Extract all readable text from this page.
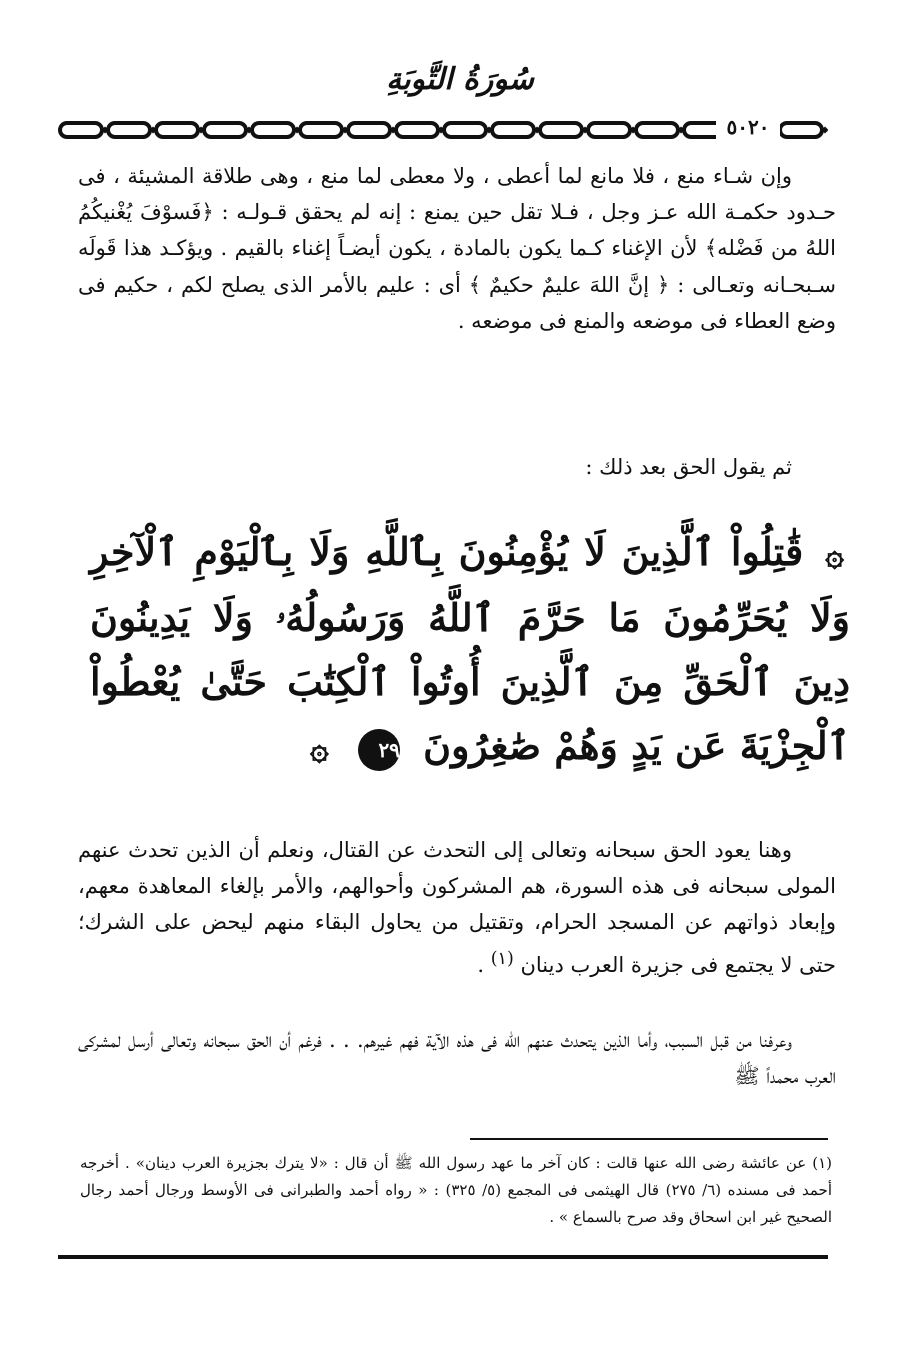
سُورَةُ التَّوبَةِ
٥٠٢٠

وإن شـاء منع ، فلا مانع لما أعطى ، ولا معطى لما منع ، وهى طلاقة المشيئة ، فى حـدود حكمـة الله عـز وجل ، فـلا تقل حين يمنع : إنه لم يحقق قـولـه : ﴿فَسوْفَ يُغْنيكُمُ اللهُ من فَضْله﴾ لأن الإغناء كـما يكون بالمادة ، يكون أيضـاً إغناء بالقيم . ويؤكـد هذا قَولَه سـبحـانه وتعـالى : ﴿ إنَّ اللهَ عليمٌ حكيمٌ ﴾ أى : عليم بالأمر الذى يصلح لكم ، حكيم فى وضع العطاء فى موضعه والمنع فى موضعه .

ثم يقول الحق بعد ذلك :

۞ قَٰتِلُواْ ٱلَّذِينَ لَا يُؤْمِنُونَ بِٱللَّهِ وَلَا بِٱلْيَوْمِ ٱلْآخِرِ وَلَا يُحَرِّمُونَ مَا حَرَّمَ ٱللَّهُ وَرَسُولُهُۥ وَلَا يَدِينُونَ دِينَ ٱلْحَقِّ مِنَ ٱلَّذِينَ أُوتُواْ ٱلْكِتَٰبَ حَتَّىٰ يُعْطُواْ ٱلْجِزْيَةَ عَن يَدٍ وَهُمْ صَٰغِرُونَ ٢٩ ۞

وهنا يعود الحق سبحانه وتعالى إلى التحدث عن القتال، ونعلم أن الذين تحدث عنهم المولى سبحانه فى هذه السورة، هم المشركون وأحوالهم، والأمر بإلغاء المعاهدة معهم، وإبعاد ذواتهم عن المسجد الحرام، وتقتيل من يحاول البقاء منهم ليحض على الشرك؛ حتى لا يجتمع فى جزيرة العرب دينان $^{(١)}$ .

وعرفنا من قبل السبب، وأما الذين يتحدث عنهم الله فى هذه الآية فهم غيرهم. . . فرغم أن الحق سبحانه وتعالى أرسل لمشركى العرب محمداً ﷺ

(١) عن عائشة رضى الله عنها قالت : كان آخر ما عهد رسول الله ﷺ أن قال : «لا يترك بجزيرة العرب دينان» . أخرجه أحمد فى مسنده (٦/ ٢٧٥) قال الهيثمى فى المجمع (٥/ ٣٢٥) : « رواه أحمد والطبرانى فى الأوسط ورجال أحمد رجال الصحيح غير ابن اسحاق وقد صرح بالسماع » .
